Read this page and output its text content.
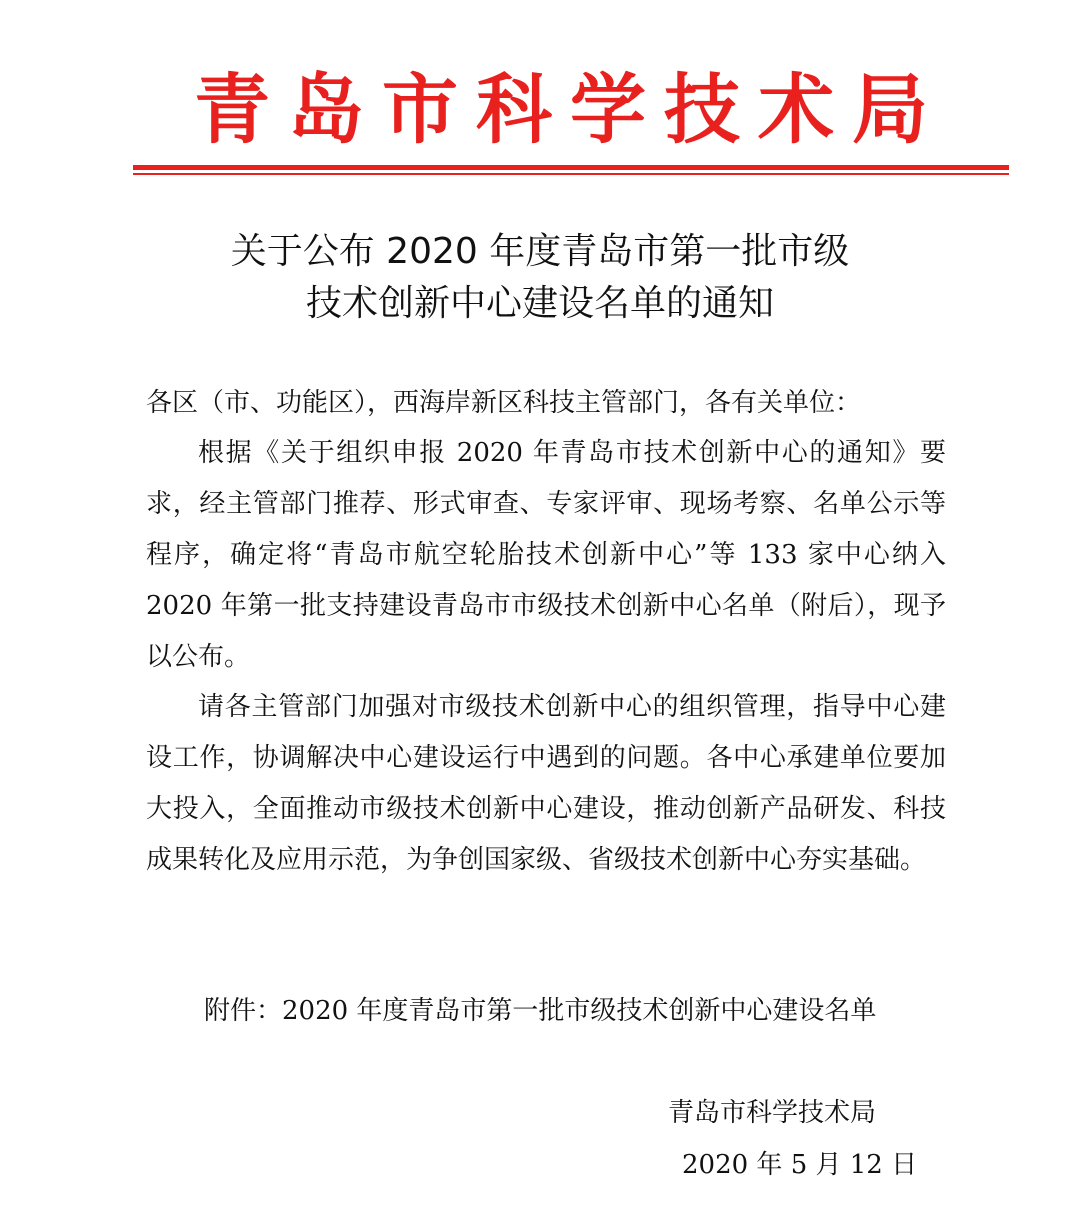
青岛市科学技术局
关于公布 2020 年度青岛市第一批市级
技术创新中心建设名单的通知
各区（市、功能区），西海岸新区科技主管部门，各有关单位：

根据《关于组织申报 2020 年青岛市技术创新中心的通知》要求，经主管部门推荐、形式审查、专家评审、现场考察、名单公示等程序，确定将“青岛市航空轮胎技术创新中心”等 133 家中心纳入 2020 年第一批支持建设青岛市市级技术创新中心名单（附后），现予以公布。

请各主管部门加强对市级技术创新中心的组织管理，指导中心建设工作，协调解决中心建设运行中遇到的问题。各中心承建单位要加大投入，全面推动市级技术创新中心建设，推动创新产品研发、科技成果转化及应用示范，为争创国家级、省级技术创新中心夯实基础。

附件：2020 年度青岛市第一批市级技术创新中心建设名单
青岛市科学技术局
2020 年 5 月 12 日
